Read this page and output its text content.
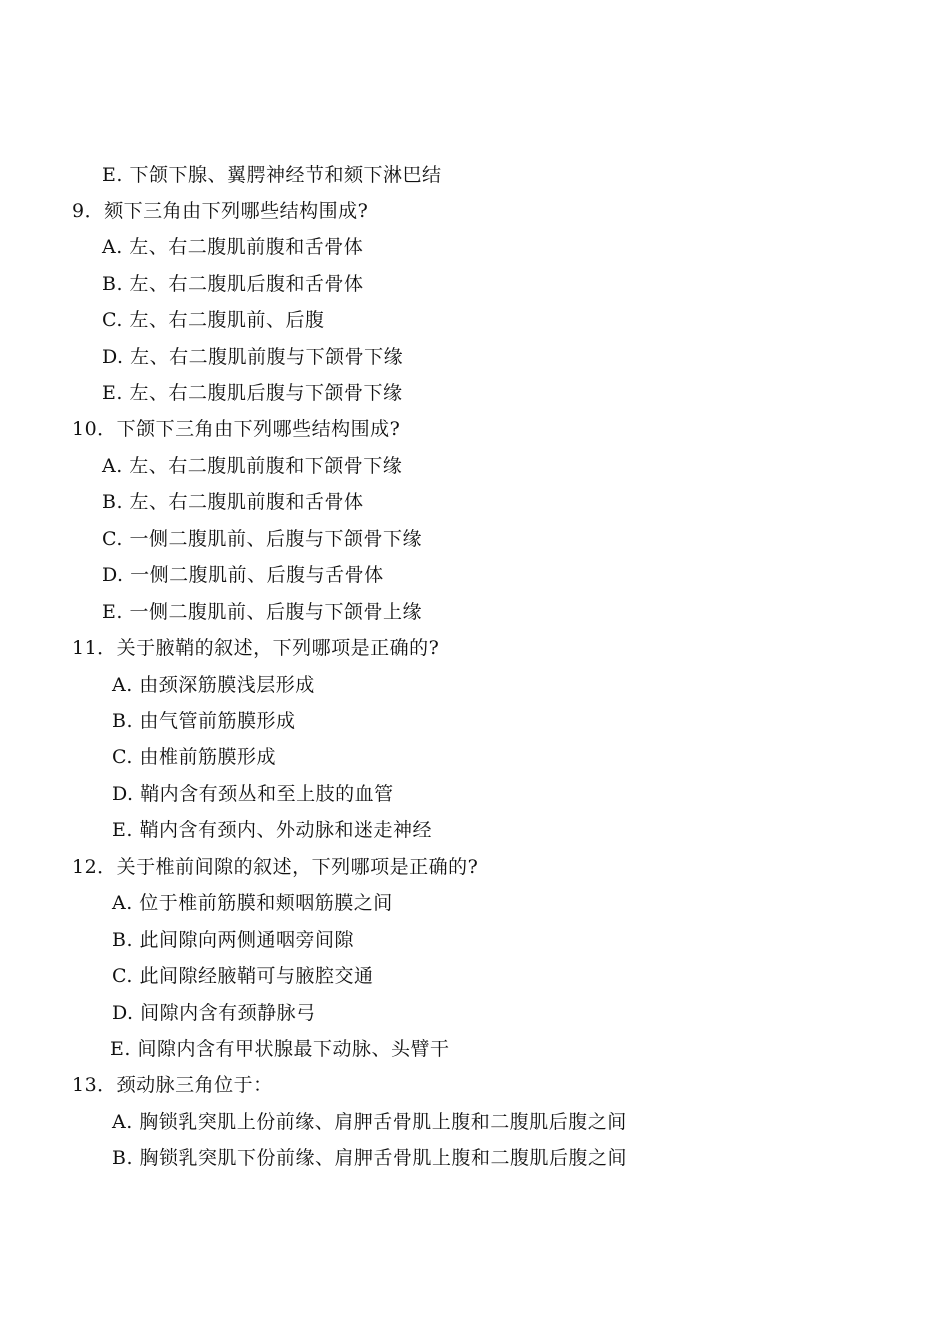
E. 下颌下腺、翼腭神经节和颏下淋巴结
9．颏下三角由下列哪些结构围成?
A. 左、右二腹肌前腹和舌骨体
B. 左、右二腹肌后腹和舌骨体
C. 左、右二腹肌前、后腹
D. 左、右二腹肌前腹与下颌骨下缘
E. 左、右二腹肌后腹与下颌骨下缘
10．下颌下三角由下列哪些结构围成?
A. 左、右二腹肌前腹和下颌骨下缘
B. 左、右二腹肌前腹和舌骨体
C. 一侧二腹肌前、后腹与下颌骨下缘
D. 一侧二腹肌前、后腹与舌骨体
E. 一侧二腹肌前、后腹与下颌骨上缘
11．关于腋鞘的叙述，下列哪项是正确的?
A. 由颈深筋膜浅层形成
B. 由气管前筋膜形成
C. 由椎前筋膜形成
D. 鞘内含有颈丛和至上肢的血管
E. 鞘内含有颈内、外动脉和迷走神经
12．关于椎前间隙的叙述，下列哪项是正确的?
A. 位于椎前筋膜和颊咽筋膜之间
B. 此间隙向两侧通咽旁间隙
C. 此间隙经腋鞘可与腋腔交通
D. 间隙内含有颈静脉弓
E. 间隙内含有甲状腺最下动脉、头臂干
13．颈动脉三角位于：
A. 胸锁乳突肌上份前缘、肩胛舌骨肌上腹和二腹肌后腹之间
B. 胸锁乳突肌下份前缘、肩胛舌骨肌上腹和二腹肌后腹之间
